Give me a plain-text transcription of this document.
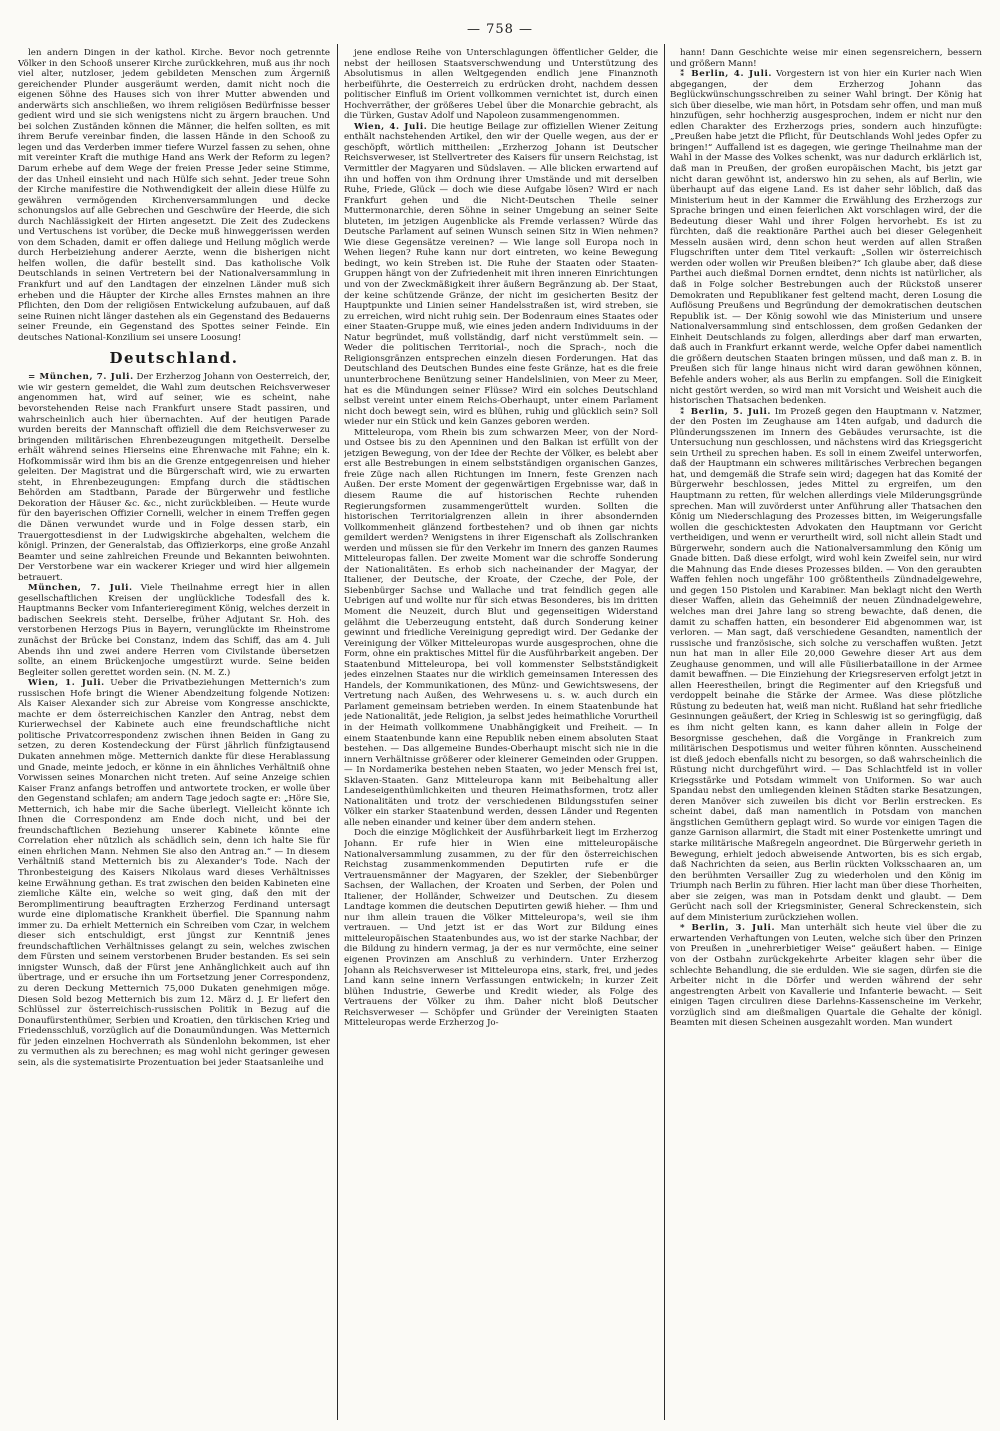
— 758 —

len andern Dingen in der kathol. Kirche. Bevor noch getrennte Völker in den Schooß unserer Kirche zurückkehren, muß aus ihr noch viel alter, nutzloser, jedem gebildeten Menschen zum Ärgerniß gereichender Plunder ausgeräumt werden, damit nicht noch die eigenen Söhne des Hauses sich von ihrer Mutter abwenden und anderwärts sich anschließen, wo ihrem religiösen Bedürfnisse besser gedient wird und sie sich wenigstens nicht zu ärgern brauchen. Und bei solchen Zuständen können die Männer, die helfen sollten, es mit ihrem Berufe vereinbar finden, die lassen Hände in den Schooß zu legen und das Verderben immer tiefere Wurzel fassen zu sehen, ohne mit vereinter Kraft die muthige Hand ans Werk der Reform zu legen? Darum erhebe auf dem Wege der freien Presse Jeder seine Stimme, der das Unheil einsieht und nach Hülfe sich sehnt. Jeder treue Sohn der Kirche manifestire die Nothwendigkeit der allein diese Hülfe zu gewähren vermögenden Kirchenversammlungen und decke schonungslos auf alle Gebrechen und Geschwüre der Heerde, die sich durch Nachlässigkeit der Hirten angesetzt. Die Zeit des Zudeckens und Vertuschens ist vorüber, die Decke muß hinweggerissen werden von dem Schaden, damit er offen daliege und Heilung möglich werde durch Herbeiziehung anderer Aerzte, wenn die bisherigen nicht helfen wollen, die dafür bestellt sind. Das katholische Volk Deutschlands in seinen Vertretern bei der Nationalversammlung in Frankfurt und auf den Landtagen der einzelnen Länder muß sich erheben und die Häupter der Kirche alles Ernstes mahnen an ihre Pflichten, den Dom der religiösen Entwickelung aufzubauen, auf daß seine Ruinen nicht länger dastehen als ein Gegenstand des Bedauerns seiner Freunde, ein Gegenstand des Spottes seiner Feinde. Ein deutsches National-Konzilium sei unsere Loosung!

Deutschland.

= München, 7. Juli. Der Erzherzog Johann von Oesterreich, der, wie wir gestern gemeldet, die Wahl zum deutschen Reichsverweser angenommen hat, wird auf seiner, wie es scheint, nahe bevorstehenden Reise nach Frankfurt unsere Stadt passiren, und wahrscheinlich auch hier übernachten. Auf der heutigen Parade wurden bereits der Mannschaft offiziell die dem Reichsverweser zu bringenden militärischen Ehrenbezeugungen mitgetheilt. Derselbe erhält während seines Hierseins eine Ehrenwache mit Fahne; ein k. Hofkommissär wird ihm bis an die Grenze entgegenreisen und hieher geleiten. Der Magistrat und die Bürgerschaft wird, wie zu erwarten steht, in Ehrenbezeugungen: Empfang durch die städtischen Behörden am Stadtbann, Parade der Bürgerwehr und festliche Dekoration der Häuser &c. &c., nicht zurückbleiben. — Heute wurde für den bayerischen Offizier Cornelli, welcher in einem Treffen gegen die Dänen verwundet wurde und in Folge dessen starb, ein Trauergottesdienst in der Ludwigskirche abgehalten, welchem die königl. Prinzen, der Generalstab, das Offizierkorps, eine große Anzahl Beamter und seine zahlreichen Freunde und Bekannten beiwohnten. Der Verstorbene war ein wackerer Krieger und wird hier allgemein betrauert.

München, 7. Juli. Viele Theilnahme erregt hier in allen gesellschaftlichen Kreisen der unglückliche Todesfall des k. Hauptmanns Becker vom Infanterieregiment König, welches derzeit in badischen Seekreis steht. Derselbe, früher Adjutant Sr. Hoh. des verstorbenen Herzogs Pius in Bayern, verunglückte im Rheinstrome zunächst der Brücke bei Constanz, indem das Schiff, das am 4. Juli Abends ihn und zwei andere Herren vom Civilstande übersetzen sollte, an einem Brückenjoche umgestürzt wurde. Seine beiden Begleiter sollen gerettet worden sein. (N. M. Z.)

Wien, 1. Juli. Ueber die Privatbeziehungen Metternich's zum russischen Hofe bringt die Wiener Abendzeitung folgende Notizen: Als Kaiser Alexander sich zur Abreise vom Kongresse anschickte, machte er dem österreichischen Kanzler den Antrag, nebst dem Kurierwechsel der Kabinete auch eine freundschaftliche nicht politische Privatcorrespondenz zwischen ihnen Beiden in Gang zu setzen, zu deren Kostendeckung der Fürst jährlich fünfzigtausend Dukaten annehmen möge. Metternich dankte für diese Herablassung und Gnade, meinte jedoch, er könne in ein ähnliches Verhältniß ohne Vorwissen seines Monarchen nicht treten. Auf seine Anzeige schien Kaiser Franz anfangs betroffen und antwortete trocken, er wolle über den Gegenstand schlafen; am andern Tage jedoch sagte er: „Höre Sie, Metternich, ich habe mir die Sache überlegt. Vielleicht könnte ich Ihnen die Correspondenz am Ende doch nicht, und bei der freundschaftlichen Beziehung unserer Kabinete könnte eine Correlation eher nützlich als schädlich sein, denn ich halte Sie für einen ehrlichen Mann. Nehmen Sie also den Antrag an.“ — In diesem Verhältniß stand Metternich bis zu Alexander's Tode. Nach der Thronbesteigung des Kaisers Nikolaus ward dieses Verhältnisses keine Erwähnung gethan. Es trat zwischen den beiden Kabineten eine ziemliche Kälte ein, welche so weit ging, daß den mit der Beromplimentirung beauftragten Erzherzog Ferdinand untersagt wurde eine diplomatische Krankheit überfiel. Die Spannung nahm immer zu. Da erhielt Metternich ein Schreiben vom Czar, in welchem dieser sich entschuldigt, erst jüngst zur Kenntniß jenes freundschaftlichen Verhältnisses gelangt zu sein, welches zwischen dem Fürsten und seinem verstorbenen Bruder bestanden. Es sei sein innigster Wunsch, daß der Fürst jene Anhänglichkeit auch auf ihn übertrage, und er ersuche ihn um Fortsetzung jener Correspondenz, zu deren Deckung Metternich 75,000 Dukaten genehmigen möge. Diesen Sold bezog Metternich bis zum 12. März d. J. Er liefert den Schlüssel zur österreichisch-russischen Politik in Bezug auf die Donaufürstenthümer, Serbien und Kroatien, den türkischen Krieg und Friedensschluß, vorzüglich auf die Donaumündungen. Was Metternich für jeden einzelnen Hochverrath als Sündenlohn bekommen, ist eher zu vermuthen als zu berechnen; es mag wohl nicht geringer gewesen sein, als die systematisirte Prozentuation bei jeder Staatsanleihe und

jene endlose Reihe von Unterschlagungen öffentlicher Gelder, die nebst der heillosen Staatsverschwendung und Unterstützung des Absolutismus in allen Weltgegenden endlich jene Finanznoth herbeiführte, die Oesterreich zu erdrücken droht, nachdem dessen politischer Einfluß im Orient vollkommen vernichtet ist, durch einen Hochverräther, der größeres Uebel über die Monarchie gebracht, als die Türken, Gustav Adolf und Napoleon zusammengenommen.

Wien, 4. Juli. Die heutige Beilage zur offiziellen Wiener Zeitung enthält nachstehenden Artikel, den wir der Quelle wegen, aus der er geschöpft, wörtlich mittheilen: „Erzherzog Johann ist Deutscher Reichsverweser, ist Stellvertreter des Kaisers für unsern Reichstag, ist Vermittler der Magyaren und Südslaven. — Alle blicken erwartend auf ihn und hoffen von ihm Ordnung ihrer Umstände und mit derselben Ruhe, Friede, Glück — doch wie diese Aufgabe lösen? Wird er nach Frankfurt gehen und die Nicht-Deutschen Theile seiner Muttermonarchie, deren Söhne in seiner Umgebung an seiner Seite bluteten, im jetzigen Augenblicke als Fremde verlassen? Würde das Deutsche Parlament auf seinen Wunsch seinen Sitz in Wien nehmen? Wie diese Gegensätze vereinen? — Wie lange soll Europa noch in Wehen liegen? Ruhe kann nur dort eintreten, wo keine Bewegung bedingt, wo kein Streben ist. Die Ruhe der Staaten oder Staaten-Gruppen hängt von der Zufriedenheit mit ihren inneren Einrichtungen und von der Zweckmäßigkeit ihrer äußern Begränzung ab. Der Staat, der keine schützende Gränze, der nicht im gesicherten Besitz der Hauptpunkte und Linien seiner Handelsstraßen ist, wird streben, sie zu erreichen, wird nicht ruhig sein. Der Bodenraum eines Staates oder einer Staaten-Gruppe muß, wie eines jeden andern Individuums in der Natur begründet, muß vollständig, darf nicht verstümmelt sein. — Weder die politischen Territorial-, noch die Sprach-, noch die Religionsgränzen entsprechen einzeln diesen Forderungen. Hat das Deutschland des Deutschen Bundes eine feste Gränze, hat es die freie ununterbrochene Benützung seiner Handelslinien, von Meer zu Meer, hat es die Mündungen seiner Flüsse? Wird ein solches Deutschland selbst vereint unter einem Reichs-Oberhaupt, unter einem Parlament nicht doch bewegt sein, wird es blühen, ruhig und glücklich sein? Soll wieder nur ein Stück und kein Ganzes geboren werden.

Mitteleuropa, vom Rhein bis zum schwarzen Meer, von der Nord- und Ostsee bis zu den Apenninen und den Balkan ist erfüllt von der jetzigen Bewegung, von der Idee der Rechte der Völker, es belebt aber erst alle Bestrebungen in einem selbstständigen organischen Ganzes, freie Züge nach allen Richtungen im Innern, feste Grenzen nach Außen. Der erste Moment der gegenwärtigen Ergebnisse war, daß in diesem Raume die auf historischen Rechte ruhenden Regierungsformen zusammengerüttelt wurden. Sollten die historischen Territorialgrenzen allein in ihrer absondernden Vollkommenheit glänzend fortbestehen? und ob ihnen gar nichts gemildert werden? Wenigstens in ihrer Eigenschaft als Zollschranken werden und müssen sie für den Verkehr im Innern des ganzen Raumes Mitteleuropas fallen. Der zweite Moment war die schroffe Sonderung der Nationalitäten. Es erhob sich nacheinander der Magyar, der Italiener, der Deutsche, der Kroate, der Czeche, der Pole, der Siebenbürger Sachse und Wallache und trat feindlich gegen alle Uebrigen auf und wollte nur für sich etwas Besonderes, bis im dritten Moment die Neuzeit, durch Blut und gegenseitigen Widerstand gelähmt die Ueberzeugung entsteht, daß durch Sonderung keiner gewinnt und friedliche Vereinigung gepredigt wird. Der Gedanke der Vereinigung der Völker Mitteleuropas wurde ausgesprochen, ohne die Form, ohne ein praktisches Mittel für die Ausführbarkeit angeben. Der Staatenbund Mitteleuropa, bei voll kommenster Selbstständigkeit jedes einzelnen Staates nur die wirklich gemeinsamen Interessen des Handels, der Kommunikationen, des Münz- und Gewichtswesens, der Vertretung nach Außen, des Wehrwesens u. s. w. auch durch ein Parlament gemeinsam betrieben werden. In einem Staatenbunde hat jede Nationalität, jede Religion, ja selbst jedes heimathliche Vorurtheil in der Heimath vollkommene Unabhängigkeit und Freiheit. — In einem Staatenbunde kann eine Republik neben einem absoluten Staat bestehen. — Das allgemeine Bundes-Oberhaupt mischt sich nie in die innern Verhältnisse größerer oder kleinerer Gemeinden oder Gruppen. — In Nordamerika bestehen neben Staaten, wo jeder Mensch frei ist, Sklaven-Staaten. Ganz Mitteleuropa kann mit Beibehaltung aller Landeseigenthümlichkeiten und theuren Heimathsformen, trotz aller Nationalitäten und trotz der verschiedenen Bildungsstufen seiner Völker ein starker Staatenbund werden, dessen Länder und Regenten alle neben einander und keiner über dem andern stehen.

Doch die einzige Möglichkeit der Ausführbarkeit liegt im Erzherzog Johann. Er rufe hier in Wien eine mitteleuropäische Nationalversammlung zusammen, zu der für den österreichischen Reichstag zusammenkommenden Deputirten rufe er die Vertrauensmänner der Magyaren, der Szekler, der Siebenbürger Sachsen, der Wallachen, der Kroaten und Serben, der Polen und Italiener, der Holländer, Schweizer und Deutschen. Zu diesem Landtage kommen die deutschen Deputirten gewiß hieher. — Ihm und nur ihm allein trauen die Völker Mitteleuropa's, weil sie ihm vertrauen. — Und jetzt ist er das Wort zur Bildung eines mitteleuropäischen Staatenbundes aus, wo ist der starke Nachbar, der die Bildung zu hindern vermag, ja der es nur vermöchte, eine seiner eigenen Provinzen am Anschluß zu verhindern. Unter Erzherzog Johann als Reichsverweser ist Mitteleuropa eins, stark, frei, und jedes Land kann seine innern Verfassungen entwickeln; in kurzer Zeit blühen Industrie, Gewerbe und Kredit wieder, als Folge des Vertrauens der Völker zu ihm. Daher nicht bloß Deutscher Reichsverweser — Schöpfer und Gründer der Vereinigten Staaten Mitteleuropas werde Erzherzog Jo-

hann! Dann Geschichte weise mir einen segensreichern, bessern und größern Mann!

⁑ Berlin, 4. Juli. Vorgestern ist von hier ein Kurier nach Wien abgegangen, der dem Erzherzog Johann das Beglückwünschungsschreiben zu seiner Wahl bringt. Der König hat sich über dieselbe, wie man hört, in Potsdam sehr offen, und man muß hinzufügen, sehr hochherzig ausgesprochen, indem er nicht nur den edlen Charakter des Erzherzogs pries, sondern auch hinzufügte: „Preußen habe jetzt die Pflicht, für Deutschlands Wohl jedes Opfer zu bringen!“ Auffallend ist es dagegen, wie geringe Theilnahme man der Wahl in der Masse des Volkes schenkt, was nur dadurch erklärlich ist, daß man in Preußen, der großen europäischen Macht, bis jetzt gar nicht daran gewöhnt ist, anderswo hin zu sehen, als auf Berlin, wie überhaupt auf das eigene Land. Es ist daher sehr löblich, daß das Ministerium heut in der Kammer die Erwählung des Erzherzogs zur Sprache bringen und einen feierlichen Akt vorschlagen wird, der die Bedeutung dieser Wahl und ihrer Folgen hervorhebt. Es ist zu fürchten, daß die reaktionäre Parthei auch bei dieser Gelegenheit Messeln ausäen wird, denn schon heut werden auf allen Straßen Flugschriften unter dem Titel verkauft: „Sollen wir österreichisch werden oder wollen wir Preußen bleiben?“ Ich glaube aber, daß diese Parthei auch dießmal Dornen erndtet, denn nichts ist natürlicher, als daß in Folge solcher Bestrebungen auch der Rückstoß unserer Demokraten und Republikaner fest geltend macht, deren Losung die Auflösung Preußens und Begründung der demokratischen deutschen Republik ist. — Der König sowohl wie das Ministerium und unsere Nationalversammlung sind entschlossen, dem großen Gedanken der Einheit Deutschlands zu folgen, allerdings aber darf man erwarten, daß auch in Frankfurt erkannt werde, welche Opfer dabei namentlich die größern deutschen Staaten bringen müssen, und daß man z. B. in Preußen sich für lange hinaus nicht wird daran gewöhnen können, Befehle anders woher, als aus Berlin zu empfangen. Soll die Einigkeit nicht gestört werden, so wird man mit Vorsicht und Weisheit auch die historischen Thatsachen bedenken.

⁑ Berlin, 5. Juli. Im Prozeß gegen den Hauptmann v. Natzmer, der den Posten im Zeughause am 14ten aufgab, und dadurch die Plünderungsszenen im Innern des Gebäudes verursachte, ist die Untersuchung nun geschlossen, und nächstens wird das Kriegsgericht sein Urtheil zu sprechen haben. Es soll in einem Zweifel unterworfen, daß der Hauptmann ein schweres militärisches Verbrechen begangen hat, und demgemäß die Strafe sein wird; dagegen hat das Komité der Bürgerwehr beschlossen, jedes Mittel zu ergreifen, um den Hauptmann zu retten, für welchen allerdings viele Milderungsgründe sprechen. Man will zuvörderst unter Anführung aller Thatsachen den König um Niederschlagung des Prozesses bitten, im Weigerungsfalle wollen die geschicktesten Advokaten den Hauptmann vor Gericht vertheidigen, und wenn er verurtheilt wird, soll nicht allein Stadt und Bürgerwehr, sondern auch die Nationalversammlung den König um Gnade bitten. Daß diese erfolgt, wird wohl kein Zweifel sein, nur wird die Mahnung das Ende dieses Prozesses bilden. — Von den geraubten Waffen fehlen noch ungefähr 100 größtentheils Zündnadelgewehre, und gegen 150 Pistolen und Karabiner. Man beklagt nicht den Werth dieser Waffen, allein das Geheimniß der neuen Zündnadelgewehre, welches man drei Jahre lang so streng bewachte, daß denen, die damit zu schaffen hatten, ein besonderer Eid abgenommen war, ist verloren. — Man sagt, daß verschiedene Gesandten, namentlich der russische und französische, sich solche zu verschaffen wußten. Jetzt nun hat man in aller Eile 20,000 Gewehre dieser Art aus dem Zeughause genommen, und will alle Füsilierbataillone in der Armee damit bewaffnen. — Die Einziehung der Kriegsreserven erfolgt jetzt in allen Heerestheilen, bringt die Regimenter auf den Kriegsfuß und verdoppelt beinahe die Stärke der Armee. Was diese plötzliche Rüstung zu bedeuten hat, weiß man nicht. Rußland hat sehr friedliche Gesinnungen geäußert, der Krieg in Schleswig ist so geringfügig, daß es ihm nicht gelten kann, es kann daher allein in Folge der Besorgnisse geschehen, daß die Vorgänge in Frankreich zum militärischen Despotismus und weiter führen könnten. Ausscheinend ist dieß jedoch ebenfalls nicht zu besorgen, so daß wahrscheinlich die Rüstung nicht durchgeführt wird. — Das Schlachtfeld ist in voller Kriegsstärke und Potsdam wimmelt von Uniformen. So war auch Spandau nebst den umliegenden kleinen Städten starke Besatzungen, deren Manöver sich zuweilen bis dicht vor Berlin erstrecken. Es scheint dabei, daß man namentlich in Potsdam von manchen ängstlichen Gemüthern geplagt wird. So wurde vor einigen Tagen die ganze Garnison allarmirt, die Stadt mit einer Postenkette umringt und starke militärische Maßregeln angeordnet. Die Bürgerwehr gerieth in Bewegung, erhielt jedoch abweisende Antworten, bis es sich ergab, daß Nachrichten da seien, aus Berlin rückten Volksschaaren an, um den berühmten Versailler Zug zu wiederholen und den König im Triumph nach Berlin zu führen. Hier lacht man über diese Thorheiten, aber sie zeigen, was man in Potsdam denkt und glaubt. — Dem Gerücht nach soll der Kriegsminister, General Schreckenstein, sich auf dem Ministerium zurückziehen wollen.

* Berlin, 3. Juli. Man unterhält sich heute viel über die zu erwartenden Verhaftungen von Leuten, welche sich über den Prinzen von Preußen in „unehrerbietiger Weise“ geäußert haben. — Einige von der Ostbahn zurückgekehrte Arbeiter klagen sehr über die schlechte Behandlung, die sie erdulden. Wie sie sagen, dürfen sie die Arbeiter nicht in die Dörfer und werden während der sehr angestrengten Arbeit von Kavallerie und Infanterie bewacht. — Seit einigen Tagen circuliren diese Darlehns-Kassenscheine im Verkehr, vorzüglich sind am dießmaligen Quartale die Gehalte der königl. Beamten mit diesen Scheinen ausgezahlt worden. Man wundert
